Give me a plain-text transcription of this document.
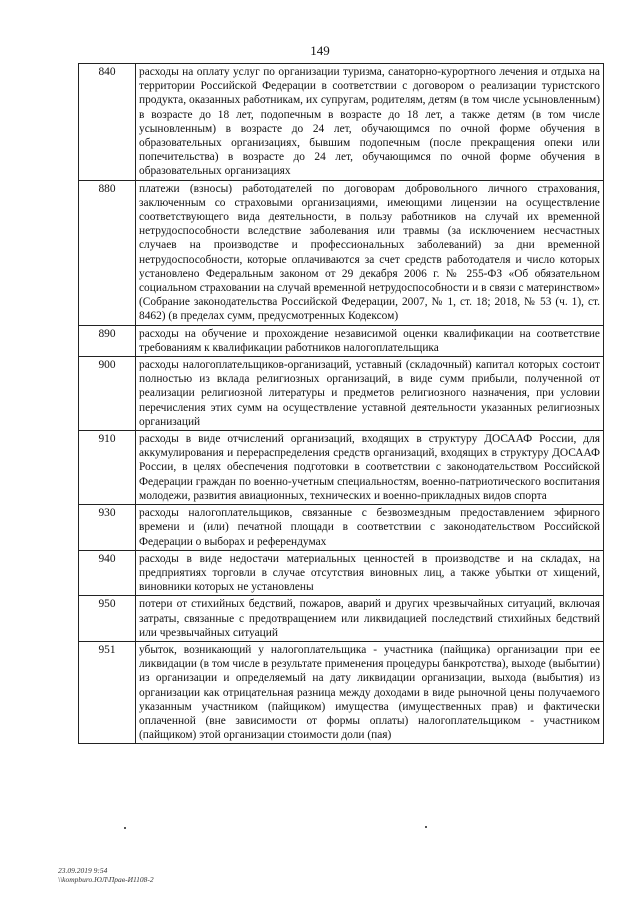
149
840	расходы на оплату услуг по организации туризма, санаторно-курортного лечения и отдыха на территории Российской Федерации в соответствии с договором о реализации туристского продукта, оказанных работникам, их супругам, родителям, детям (в том числе усыновленным) в возрасте до 18 лет, подопечным в возрасте до 18 лет, а также детям (в том числе усыновленным) в возрасте до 24 лет, обучающимся по очной форме обучения в образовательных организациях, бывшим подопечным (после прекращения опеки или попечительства) в возрасте до 24 лет, обучающимся по очной форме обучения в образовательных организациях
880	платежи (взносы) работодателей по договорам добровольного личного страхования, заключенным со страховыми организациями, имеющими лицензии на осуществление соответствующего вида деятельности, в пользу работников на случай их временной нетрудоспособности вследствие заболевания или травмы (за исключением несчастных случаев на производстве и профессиональных заболеваний) за дни временной нетрудоспособности, которые оплачиваются за счет средств работодателя и число которых установлено Федеральным законом от 29 декабря 2006 г. № 255-ФЗ «Об обязательном социальном страховании на случай временной нетрудоспособности и в связи с материнством» (Собрание законодательства Российской Федерации, 2007, № 1, ст. 18; 2018, № 53 (ч. 1), ст. 8462) (в пределах сумм, предусмотренных Кодексом)
890	расходы на обучение и прохождение независимой оценки квалификации на соответствие требованиям к квалификации работников налогоплательщика
900	расходы налогоплательщиков-организаций, уставный (складочный) капитал которых состоит полностью из вклада религиозных организаций, в виде сумм прибыли, полученной от реализации религиозной литературы и предметов религиозного назначения, при условии перечисления этих сумм на осуществление уставной деятельности указанных религиозных организаций
910	расходы в виде отчислений организаций, входящих в структуру ДОСААФ России, для аккумулирования и перераспределения средств организаций, входящих в структуру ДОСААФ России, в целях обеспечения подготовки в соответствии с законодательством Российской Федерации граждан по военно-учетным специальностям, военно-патриотического воспитания молодежи, развития авиационных, технических и военно-прикладных видов спорта
930	расходы налогоплательщиков, связанные с безвозмездным предоставлением эфирного времени и (или) печатной площади в соответствии с законодательством Российской Федерации о выборах и референдумах
940	расходы в виде недостачи материальных ценностей в производстве и на складах, на предприятиях торговли в случае отсутствия виновных лиц, а также убытки от хищений, виновники которых не установлены
950	потери от стихийных бедствий, пожаров, аварий и других чрезвычайных ситуаций, включая затраты, связанные с предотвращением или ликвидацией последствий стихийных бедствий или чрезвычайных ситуаций
951	убыток, возникающий у налогоплательщика - участника (пайщика) организации при ее ликвидации (в том числе в результате применения процедуры банкротства), выходе (выбытии) из организации и определяемый на дату ликвидации организации, выхода (выбытия) из организации как отрицательная разница между доходами в виде рыночной цены получаемого указанным участником (пайщиком) имущества (имущественных прав) и фактически оплаченной (вне зависимости от формы оплаты) налогоплательщиком - участником (пайщиком) этой организации стоимости доли (пая)
23.09.2019 9:54
\\kompburo.ЮЛ\Прав-И1108-2
